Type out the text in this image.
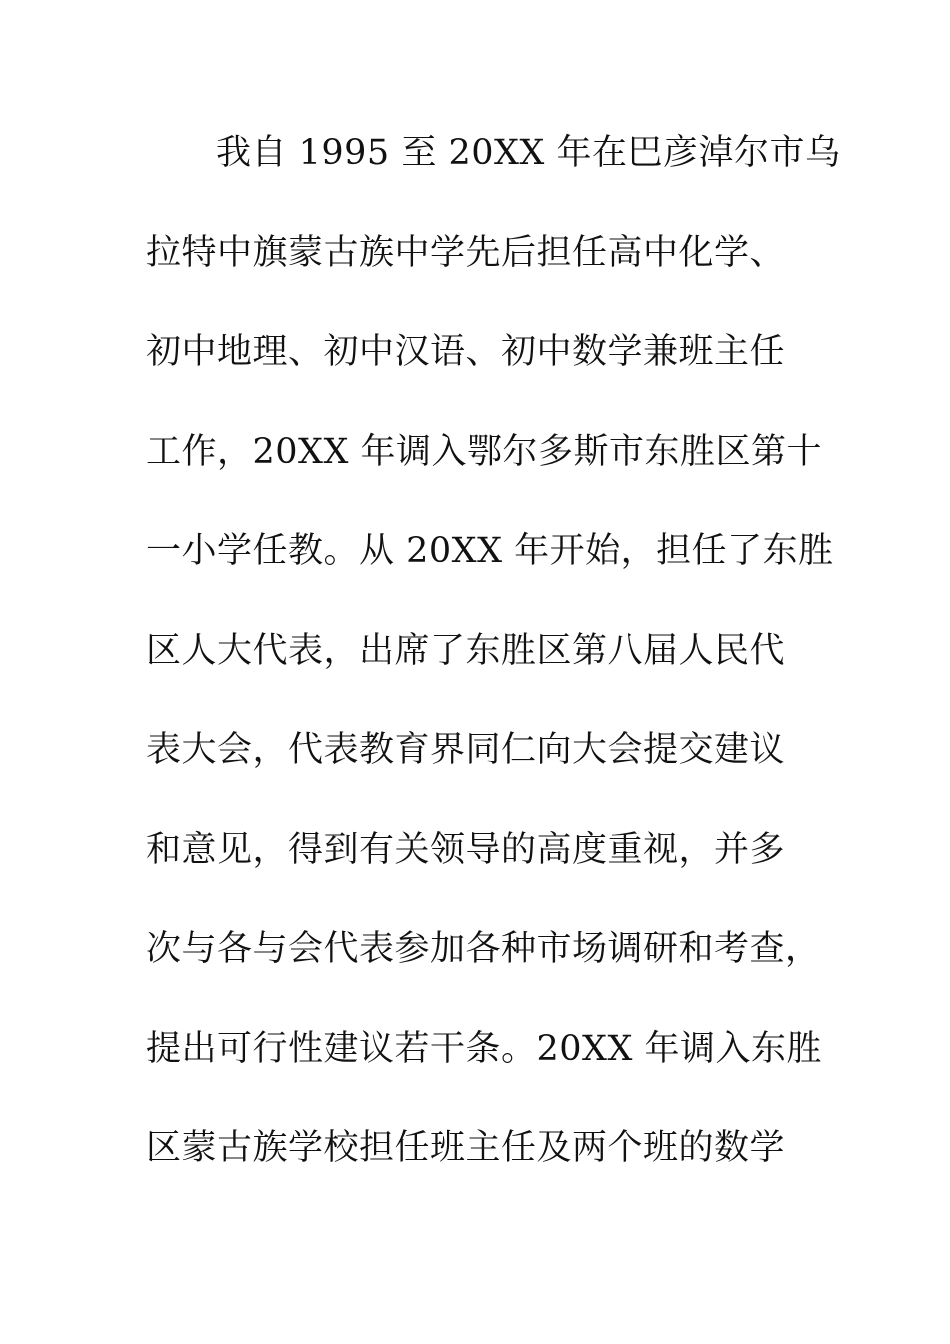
我自 1995 至 20XX 年在巴彦淖尔市乌
拉特中旗蒙古族中学先后担任高中化学、
初中地理、初中汉语、初中数学兼班主任
工作，20XX 年调入鄂尔多斯市东胜区第十
一小学任教。从 20XX 年开始，担任了东胜
区人大代表，出席了东胜区第八届人民代
表大会，代表教育界同仁向大会提交建议
和意见，得到有关领导的高度重视，并多
次与各与会代表参加各种市场调研和考查，
提出可行性建议若干条。20XX 年调入东胜
区蒙古族学校担任班主任及两个班的数学
